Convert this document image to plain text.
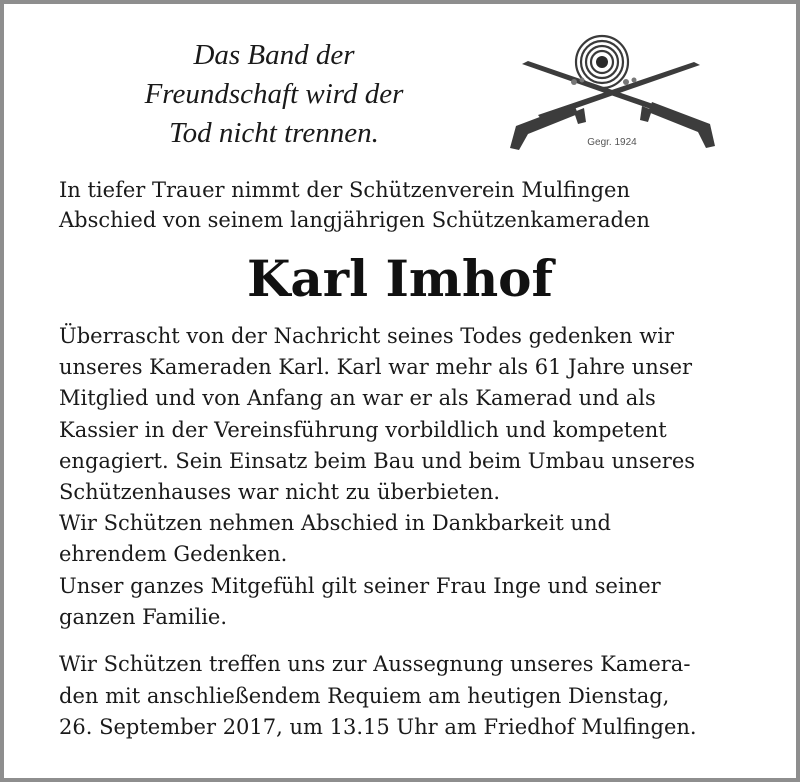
Das Band der
Freundschaft wird der
Tod nicht trennen.	Gegr. 1924
In tiefer Trauer nimmt der Schützenverein Mulfingen
Abschied von seinem langjährigen Schützenkameraden
Karl Imhof
Überrascht von der Nachricht seines Todes gedenken wir
unseres Kameraden Karl. Karl war mehr als 61 Jahre unser
Mitglied und von Anfang an war er als Kamerad und als
Kassier in der Vereinsführung vorbildlich und kompetent
engagiert. Sein Einsatz beim Bau und beim Umbau unseres
Schützenhauses war nicht zu überbieten.
Wir Schützen nehmen Abschied in Dankbarkeit und
ehrendem Gedenken.
Unser ganzes Mitgefühl gilt seiner Frau Inge und seiner
ganzen Familie.
Wir Schützen treffen uns zur Aussegnung unseres Kamera-
den mit anschließendem Requiem am heutigen Dienstag,
26. September 2017, um 13.15 Uhr am Friedhof Mulfingen.
